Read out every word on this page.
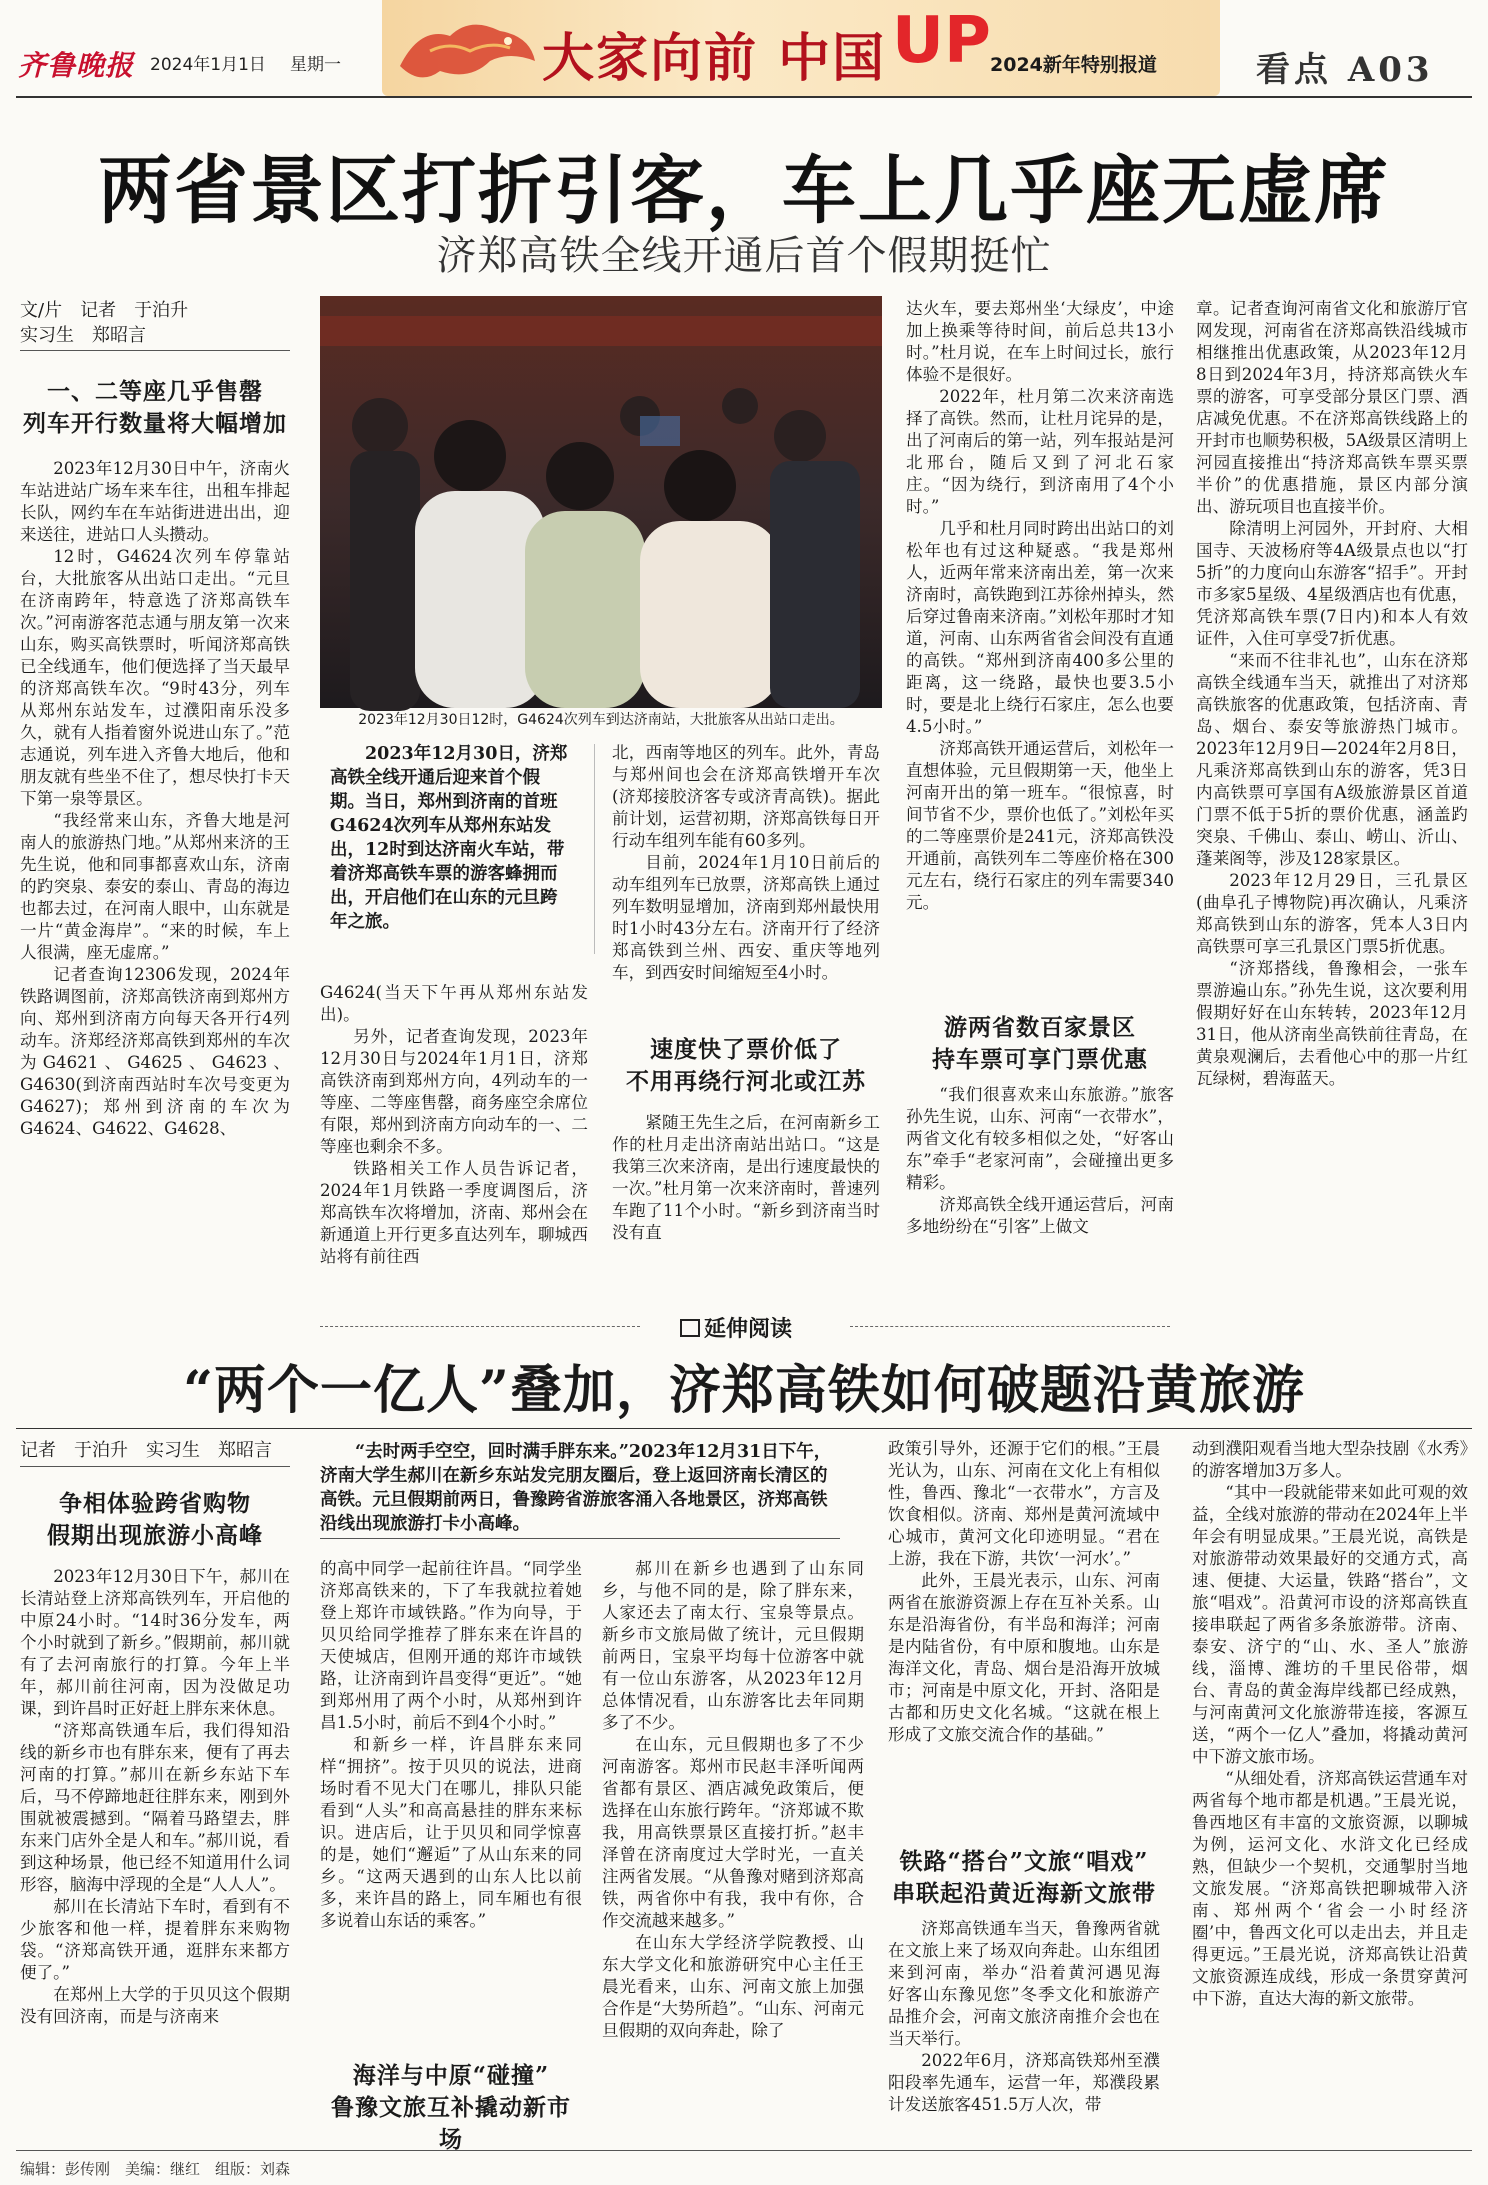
齐鲁晚报 2024年1月1日 星期一	大家向前 中国 UP 2024新年特别报道	看点 A03
两省景区打折引客，车上几乎座无虚席
济郑高铁全线开通后首个假期挺忙
文/片　记者　于泊升
实习生　郑昭言
一、二等座几乎售罄
列车开行数量将大幅增加

2023年12月30日中午，济南火车站进站广场车来车往，出租车排起长队，网约车在车站街进进出出，迎来送往，进站口人头攒动。

12时，G4624次列车停靠站台，大批旅客从出站口走出。“元旦在济南跨年，特意选了济郑高铁车次。”河南游客范志通与朋友第一次来山东，购买高铁票时，听闻济郑高铁已全线通车，他们便选择了当天最早的济郑高铁车次。“9时43分，列车从郑州东站发车，过濮阳南乐没多久，就有人指着窗外说进山东了。”范志通说，列车进入齐鲁大地后，他和朋友就有些坐不住了，想尽快打卡天下第一泉等景区。

“我经常来山东，齐鲁大地是河南人的旅游热门地。”从郑州来济的王先生说，他和同事都喜欢山东，济南的趵突泉、泰安的泰山、青岛的海边也都去过，在河南人眼中，山东就是一片“黄金海岸”。“来的时候，车上人很满，座无虚席。”

记者查询12306发现，2024年铁路调图前，济郑高铁济南到郑州方向、郑州到济南方向每天各开行4列动车。济郑经济郑高铁到郑州的车次为G4621、G4625、G4623、G4630(到济南西站时车次号变更为G4627)；郑州到济南的车次为G4624、G4622、G4628、

2023年12月30日12时，G4624次列车到达济南站，大批旅客从出站口走出。

2023年12月30日，济郑高铁全线开通后迎来首个假期。当日，郑州到济南的首班G4624次列车从郑州东站发出，12时到达济南火车站，带着济郑高铁车票的游客蜂拥而出，开启他们在山东的元旦跨年之旅。

G4624(当天下午再从郑州东站发出)。

另外，记者查询发现，2023年12月30日与2024年1月1日，济郑高铁济南到郑州方向，4列动车的一等座、二等座售罄，商务座空余席位有限，郑州到济南方向动车的一、二等座也剩余不多。

铁路相关工作人员告诉记者，2024年1月铁路一季度调图后，济郑高铁车次将增加，济南、郑州会在新通道上开行更多直达列车，聊城西站将有前往西

北，西南等地区的列车。此外，青岛与郑州间也会在济郑高铁增开车次(济郑接胶济客专或济青高铁)。据此前计划，运营初期，济郑高铁每日开行动车组列车能有60多列。

目前，2024年1月10日前后的动车组列车已放票，济郑高铁上通过列车数明显增加，济南到郑州最快用时1小时43分左右。济南开行了经济郑高铁到兰州、西安、重庆等地列车，到西安时间缩短至4小时。

速度快了票价低了
不用再绕行河北或江苏

紧随王先生之后，在河南新乡工作的杜月走出济南站出站口。“这是我第三次来济南，是出行速度最快的一次。”杜月第一次来济南时，普速列车跑了11个小时。“新乡到济南当时没有直

达火车，要去郑州坐‘大绿皮’，中途加上换乘等待时间，前后总共13小时。”杜月说，在车上时间过长，旅行体验不是很好。

2022年，杜月第二次来济南选择了高铁。然而，让杜月诧异的是，出了河南后的第一站，列车报站是河北邢台，随后又到了河北石家庄。“因为绕行，到济南用了4个小时。”

几乎和杜月同时跨出出站口的刘松年也有过这种疑惑。“我是郑州人，近两年常来济南出差，第一次来济南时，高铁跑到江苏徐州掉头，然后穿过鲁南来济南。”刘松年那时才知道，河南、山东两省省会间没有直通的高铁。“郑州到济南400多公里的距离，这一绕路，最快也要3.5小时，要是北上绕行石家庄，怎么也要4.5小时。”

济郑高铁开通运营后，刘松年一直想体验，元旦假期第一天，他坐上河南开出的第一班车。“很惊喜，时间节省不少，票价也低了。”刘松年买的二等座票价是241元，济郑高铁没开通前，高铁列车二等座价格在300元左右，绕行石家庄的列车需要340元。

游两省数百家景区
持车票可享门票优惠

“我们很喜欢来山东旅游。”旅客孙先生说，山东、河南“一衣带水”，两省文化有较多相似之处，“好客山东”牵手“老家河南”，会碰撞出更多精彩。

济郑高铁全线开通运营后，河南多地纷纷在“引客”上做文

章。记者查询河南省文化和旅游厅官网发现，河南省在济郑高铁沿线城市相继推出优惠政策，从2023年12月8日到2024年3月，持济郑高铁火车票的游客，可享受部分景区门票、酒店减免优惠。不在济郑高铁线路上的开封市也顺势积极，5A级景区清明上河园直接推出“持济郑高铁车票买票半价”的优惠措施，景区内部分演出、游玩项目也直接半价。

除清明上河园外，开封府、大相国寺、天波杨府等4A级景点也以“打5折”的力度向山东游客“招手”。开封市多家5星级、4星级酒店也有优惠，凭济郑高铁车票(7日内)和本人有效证件，入住可享受7折优惠。

“来而不往非礼也”，山东在济郑高铁全线通车当天，就推出了对济郑高铁旅客的优惠政策，包括济南、青岛、烟台、泰安等旅游热门城市。2023年12月9日—2024年2月8日，凡乘济郑高铁到山东的游客，凭3日内高铁票可享国有A级旅游景区首道门票不低于5折的票价优惠，涵盖趵突泉、千佛山、泰山、崂山、沂山、蓬莱阁等，涉及128家景区。

2023年12月29日，三孔景区(曲阜孔子博物院)再次确认，凡乘济郑高铁到山东的游客，凭本人3日内高铁票可享三孔景区门票5折优惠。

“济郑搭线，鲁豫相会，一张车票游遍山东。”孙先生说，这次要利用假期好好在山东转转，2023年12月31日，他从济南坐高铁前往青岛，在黄泉观澜后，去看他心中的那一片红瓦绿树，碧海蓝天。

延伸阅读
“两个一亿人”叠加，济郑高铁如何破题沿黄旅游
记者　于泊升　实习生　郑昭言
争相体验跨省购物
假期出现旅游小高峰

2023年12月30日下午，郝川在长清站登上济郑高铁列车，开启他的中原24小时。“14时36分发车，两个小时就到了新乡。”假期前，郝川就有了去河南旅行的打算。今年上半年，郝川前往河南，因为没做足功课，到许昌时正好赶上胖东来休息。

“济郑高铁通车后，我们得知沿线的新乡市也有胖东来，便有了再去河南的打算。”郝川在新乡东站下车后，马不停蹄地赶往胖东来，刚到外围就被震撼到。“隔着马路望去，胖东来门店外全是人和车。”郝川说，看到这种场景，他已经不知道用什么词形容，脑海中浮现的全是“人人人”。

郝川在长清站下车时，看到有不少旅客和他一样，提着胖东来购物袋。“济郑高铁开通，逛胖东来都方便了。”

在郑州上大学的于贝贝这个假期没有回济南，而是与济南来

“去时两手空空，回时满手胖东来。”2023年12月31日下午，济南大学生郝川在新乡东站发完朋友圈后，登上返回济南长清区的高铁。元旦假期前两日，鲁豫跨省游旅客涌入各地景区，济郑高铁沿线出现旅游打卡小高峰。

的高中同学一起前往许昌。“同学坐济郑高铁来的，下了车我就拉着她登上郑许市域铁路。”作为向导，于贝贝给同学推荐了胖东来在许昌的天使城店，但刚开通的郑许市域铁路，让济南到许昌变得“更近”。“她到郑州用了两个小时，从郑州到许昌1.5小时，前后不到4个小时。”

和新乡一样，许昌胖东来同样“拥挤”。按于贝贝的说法，进商场时看不见大门在哪儿，排队只能看到“人头”和高高悬挂的胖东来标识。进店后，让于贝贝和同学惊喜的是，她们“邂逅”了从山东来的同乡。“这两天遇到的山东人比以前多，来许昌的路上，同车厢也有很多说着山东话的乘客。”

海洋与中原“碰撞”
鲁豫文旅互补撬动新市场

郝川在新乡也遇到了山东同乡，与他不同的是，除了胖东来，人家还去了南太行、宝泉等景点。新乡市文旅局做了统计，元旦假期前两日，宝泉平均每十位游客中就有一位山东游客，从2023年12月总体情况看，山东游客比去年同期多了不少。

在山东，元旦假期也多了不少河南游客。郑州市民赵丰泽听闻两省都有景区、酒店减免政策后，便选择在山东旅行跨年。“济郑诚不欺我，用高铁票景区直接打折。”赵丰泽曾在济南度过大学时光，一直关注两省发展。“从鲁豫对赌到济郑高铁，两省你中有我，我中有你，合作交流越来越多。”

在山东大学经济学院教授、山东大学文化和旅游研究中心主任王晨光看来，山东、河南文旅上加强合作是“大势所趋”。“山东、河南元旦假期的双向奔赴，除了

政策引导外，还源于它们的根。”王晨光认为，山东、河南在文化上有相似性，鲁西、豫北“一衣带水”，方言及饮食相似。济南、郑州是黄河流域中心城市，黄河文化印迹明显。“君在上游，我在下游，共饮‘一河水’。”

此外，王晨光表示，山东、河南两省在旅游资源上存在互补关系。山东是沿海省份，有半岛和海洋；河南是内陆省份，有中原和腹地。山东是海洋文化，青岛、烟台是沿海开放城市；河南是中原文化，开封、洛阳是古都和历史文化名城。“这就在根上形成了文旅交流合作的基础。”

铁路“搭台”文旅“唱戏”
串联起沿黄近海新文旅带

济郑高铁通车当天，鲁豫两省就在文旅上来了场双向奔赴。山东组团来到河南，举办“沿着黄河遇见海　好客山东豫见您”冬季文化和旅游产品推介会，河南文旅济南推介会也在当天举行。

2022年6月，济郑高铁郑州至濮阳段率先通车，运营一年，郑濮段累计发送旅客451.5万人次，带

动到濮阳观看当地大型杂技剧《水秀》的游客增加3万多人。

“其中一段就能带来如此可观的效益，全线对旅游的带动在2024年上半年会有明显成果。”王晨光说，高铁是对旅游带动效果最好的交通方式，高速、便捷、大运量，铁路“搭台”，文旅“唱戏”。沿黄河市设的济郑高铁直接串联起了两省多条旅游带。济南、泰安、济宁的“山、水、圣人”旅游线，淄博、潍坊的千里民俗带，烟台、青岛的黄金海岸线都已经成熟，与河南黄河文化旅游带连接，客源互送，“两个一亿人”叠加，将撬动黄河中下游文旅市场。

“从细处看，济郑高铁运营通车对两省每个地市都是机遇。”王晨光说，鲁西地区有丰富的文旅资源，以聊城为例，运河文化、水浒文化已经成熟，但缺少一个契机，交通掣肘当地文旅发展。“济郑高铁把聊城带入济南、郑州两个‘省会一小时经济圈’中，鲁西文化可以走出去，并且走得更远。”王晨光说，济郑高铁让沿黄文旅资源连成线，形成一条贯穿黄河中下游，直达大海的新文旅带。

编辑：彭传刚　美编：继红　组版：刘森
